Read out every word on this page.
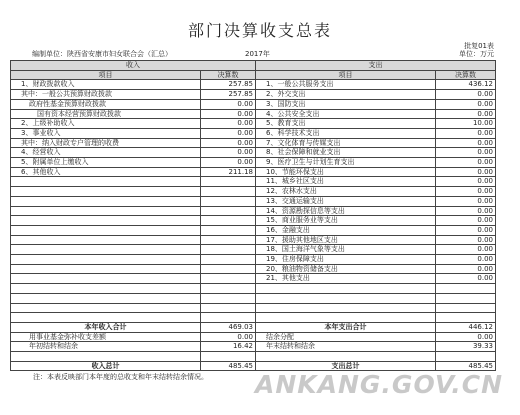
部门决算收支总表
批复01表
编制单位：陕西省安康市妇女联合会（汇总）	2017年	单位：万元
收入		支出	
项目	决算数	项目	决算数
1、财政拨款收入	257.85	1、一般公共服务支出	436.12
其中：一般公共预算财政拨款	257.85	2、外交支出	0.00
政府性基金预算财政拨款	0.00	3、国防支出	0.00
国有资本经营预算财政拨款	0.00	4、公共安全支出	0.00
2、上级补助收入	0.00	5、教育支出	10.00
3、事业收入	0.00	6、科学技术支出	0.00
其中：纳入财政专户管理的收费	0.00	7、文化体育与传媒支出	0.00
4、经营收入	0.00	8、社会保障和就业支出	0.00
5、附属单位上缴收入	0.00	9、医疗卫生与计划生育支出	0.00
6、其他收入	211.18	10、节能环保支出	0.00
		11、城乡社区支出	0.00
		12、农林水支出	0.00
		13、交通运输支出	0.00
		14、资源勘探信息等支出	0.00
		15、商业服务业等支出	0.00
		16、金融支出	0.00
		17、援助其他地区支出	0.00
		18、国土海洋气象等支出	0.00
		19、住房保障支出	0.00
		20、粮油物资储备支出	0.00
		21、其他支出	0.00

本年收入合计	469.03	本年支出合计	446.12
用事业基金弥补收支差额	0.00	结余分配	0.00
年初结转和结余	16.42	年末结转和结余	39.33

收入总计	485.45	支出总计	485.45
注：本表反映部门本年度的总收支和年末结转结余情况。 ANKANG.GOV.CN
